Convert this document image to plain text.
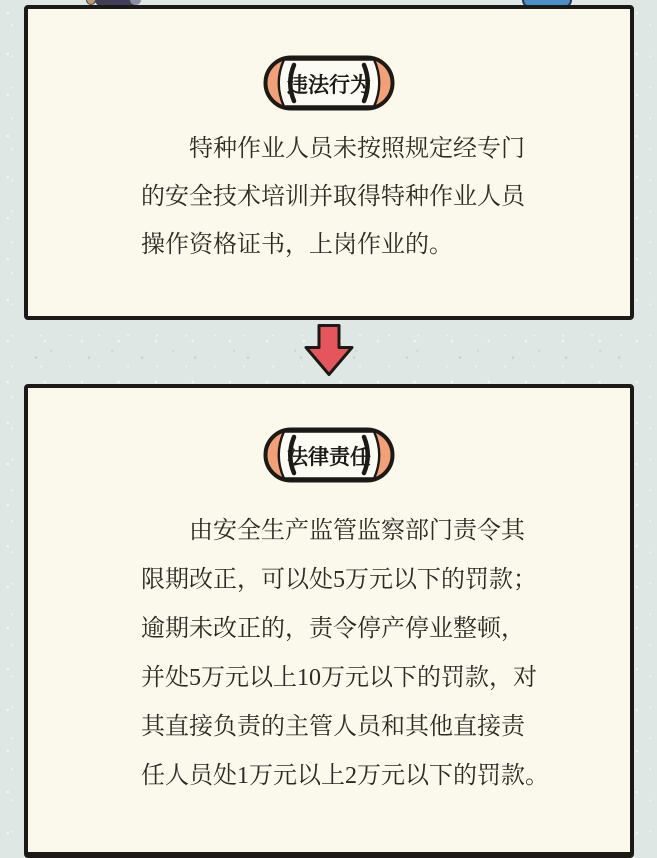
违法行为
特种作业人员未按照规定经专门
的安全技术培训并取得特种作业人员
操作资格证书，上岗作业的。
法律责任
由安全生产监管监察部门责令其
限期改正，可以处5万元以下的罚款；
逾期未改正的，责令停产停业整顿，
并处5万元以上10万元以下的罚款，对
其直接负责的主管人员和其他直接责
任人员处1万元以上2万元以下的罚款。
